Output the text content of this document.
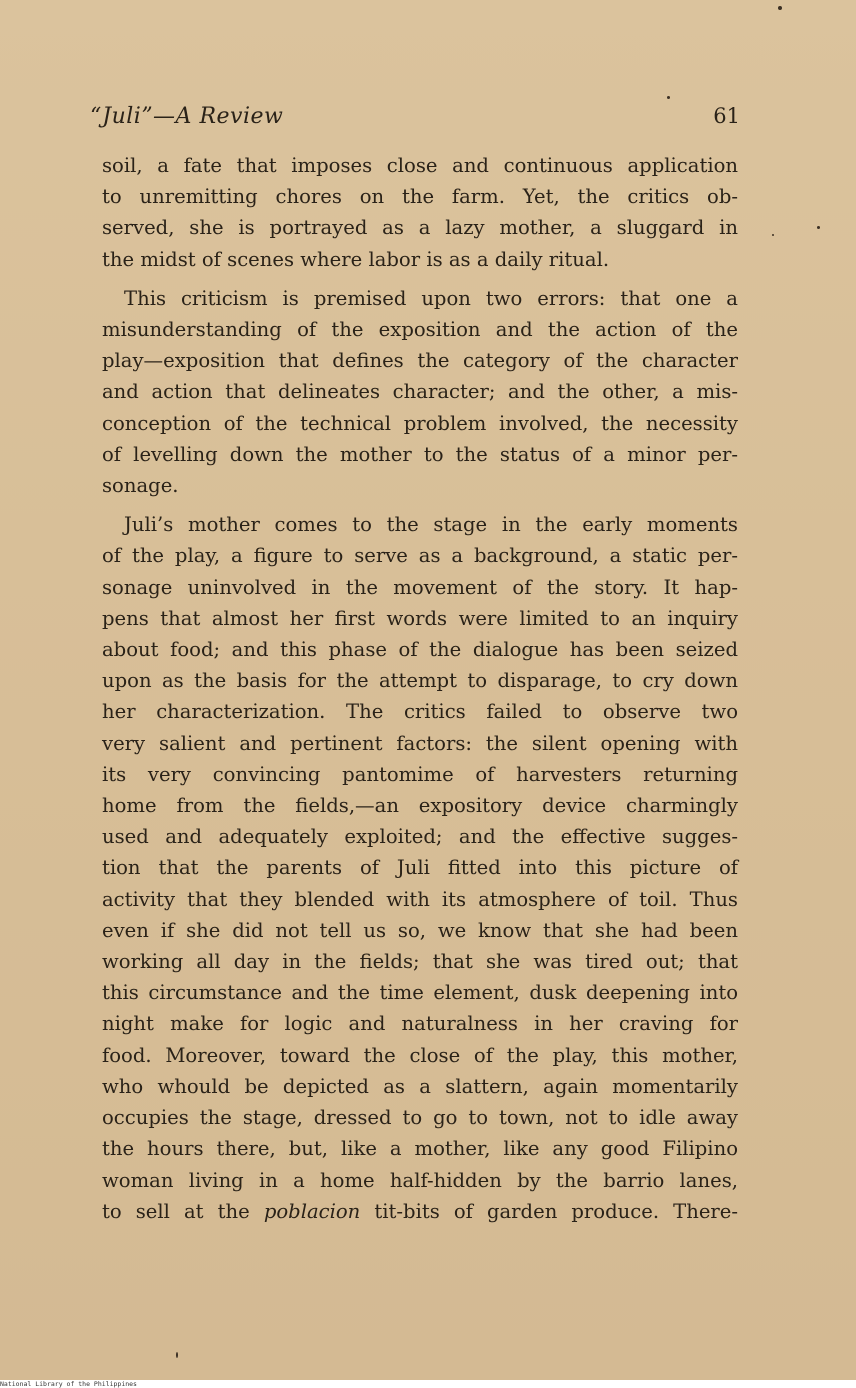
“Juli”—A Review	61

soil, a fate that imposes close and continuous application
to unremitting chores on the farm. Yet, the critics ob-
served, she is portrayed as a lazy mother, a sluggard in
the midst of scenes where labor is as a daily ritual.

This criticism is premised upon two errors: that one a
misunderstanding of the exposition and the action of the
play—exposition that defines the category of the character
and action that delineates character; and the other, a mis-
conception of the technical problem involved, the necessity
of levelling down the mother to the status of a minor per-
sonage.

Juli’s mother comes to the stage in the early moments
of the play, a figure to serve as a background, a static per-
sonage uninvolved in the movement of the story. It hap-
pens that almost her first words were limited to an inquiry
about food; and this phase of the dialogue has been seized
upon as the basis for the attempt to disparage, to cry down
her characterization. The critics failed to observe two
very salient and pertinent factors: the silent opening with
its very convincing pantomime of harvesters returning
home from the fields,—an expository device charmingly
used and adequately exploited; and the effective sugges-
tion that the parents of Juli fitted into this picture of
activity that they blended with its atmosphere of toil. Thus
even if she did not tell us so, we know that she had been
working all day in the fields; that she was tired out; that
this circumstance and the time element, dusk deepening into
night make for logic and naturalness in her craving for
food. Moreover, toward the close of the play, this mother,
who whould be depicted as a slattern, again momentarily
occupies the stage, dressed to go to town, not to idle away
the hours there, but, like a mother, like any good Filipino
woman living in a home half-hidden by the barrio lanes,
to sell at the poblacion tit-bits of garden produce. There-

National Library of the Philippines
